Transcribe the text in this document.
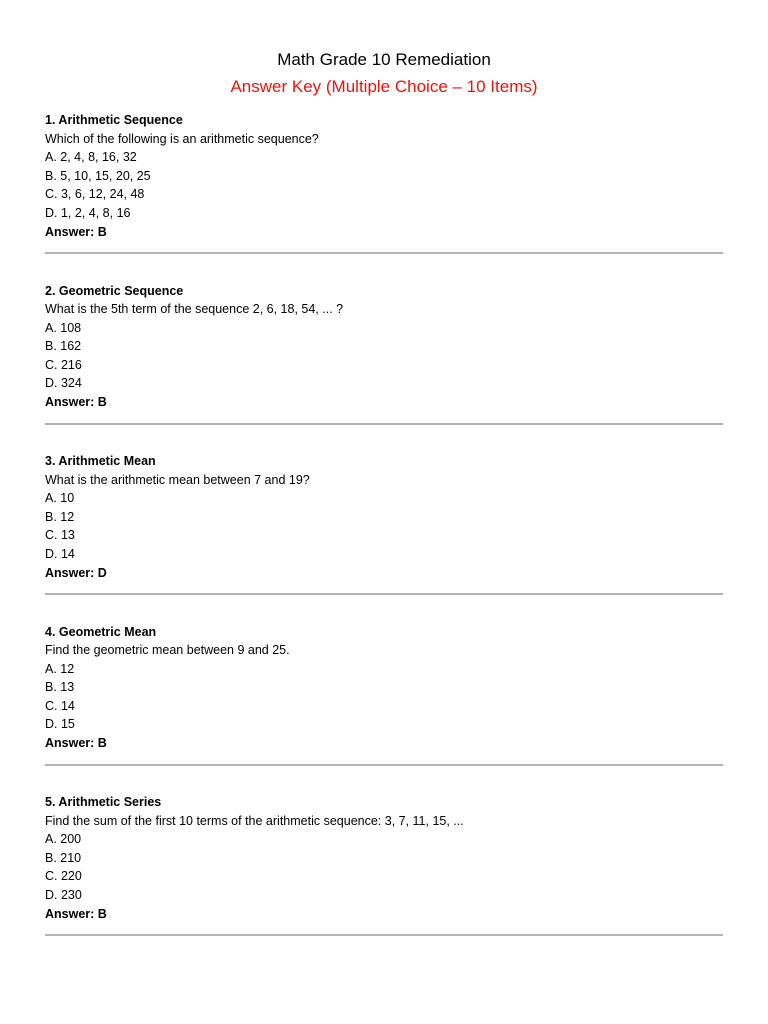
Math Grade 10 Remediation
Answer Key (Multiple Choice – 10 Items)
1. Arithmetic Sequence
Which of the following is an arithmetic sequence?
A. 2, 4, 8, 16, 32
B. 5, 10, 15, 20, 25
C. 3, 6, 12, 24, 48
D. 1, 2, 4, 8, 16
Answer: B
2. Geometric Sequence
What is the 5th term of the sequence 2, 6, 18, 54, ... ?
A. 108
B. 162
C. 216
D. 324
Answer: B
3. Arithmetic Mean
What is the arithmetic mean between 7 and 19?
A. 10
B. 12
C. 13
D. 14
Answer: D
4. Geometric Mean
Find the geometric mean between 9 and 25.
A. 12
B. 13
C. 14
D. 15
Answer: B
5. Arithmetic Series
Find the sum of the first 10 terms of the arithmetic sequence: 3, 7, 11, 15, ...
A. 200
B. 210
C. 220
D. 230
Answer: B
